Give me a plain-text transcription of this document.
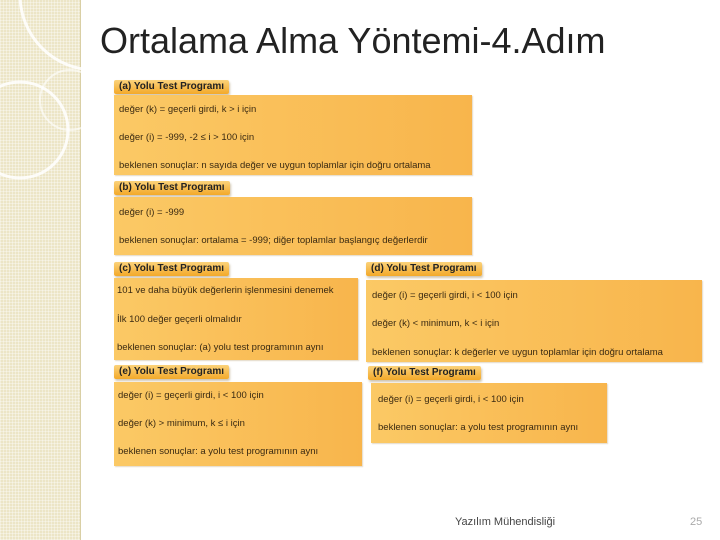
Ortalama Alma Yöntemi-4.Adım
(a) Yolu Test Programı
değer (k) = geçerli girdi, k > i için
değer (i) = -999, -2 ≤ i > 100 için
beklenen sonuçlar: n sayıda değer ve uygun toplamlar için doğru ortalama
(b) Yolu Test Programı
değer (i) = -999
beklenen sonuçlar: ortalama = -999; diğer toplamlar başlangıç değerlerdir
(c) Yolu Test Programı
101 ve daha büyük değerlerin işlenmesini denemek
İlk 100 değer geçerli olmalıdır
beklenen sonuçlar: (a) yolu test programının aynı
(d) Yolu Test Programı
değer (i) = geçerli girdi, i < 100 için
değer (k) < minimum, k < i için
beklenen sonuçlar: k değerler ve uygun toplamlar için doğru ortalama
(e) Yolu Test Programı
değer (i) = geçerli girdi, i < 100 için
değer (k) > minimum, k ≤ i için
beklenen sonuçlar: a yolu test programının aynı
(f) Yolu Test Programı
değer (i) = geçerli girdi, i < 100 için
beklenen sonuçlar: a yolu test programının aynı
Yazılım Mühendisliği	25
